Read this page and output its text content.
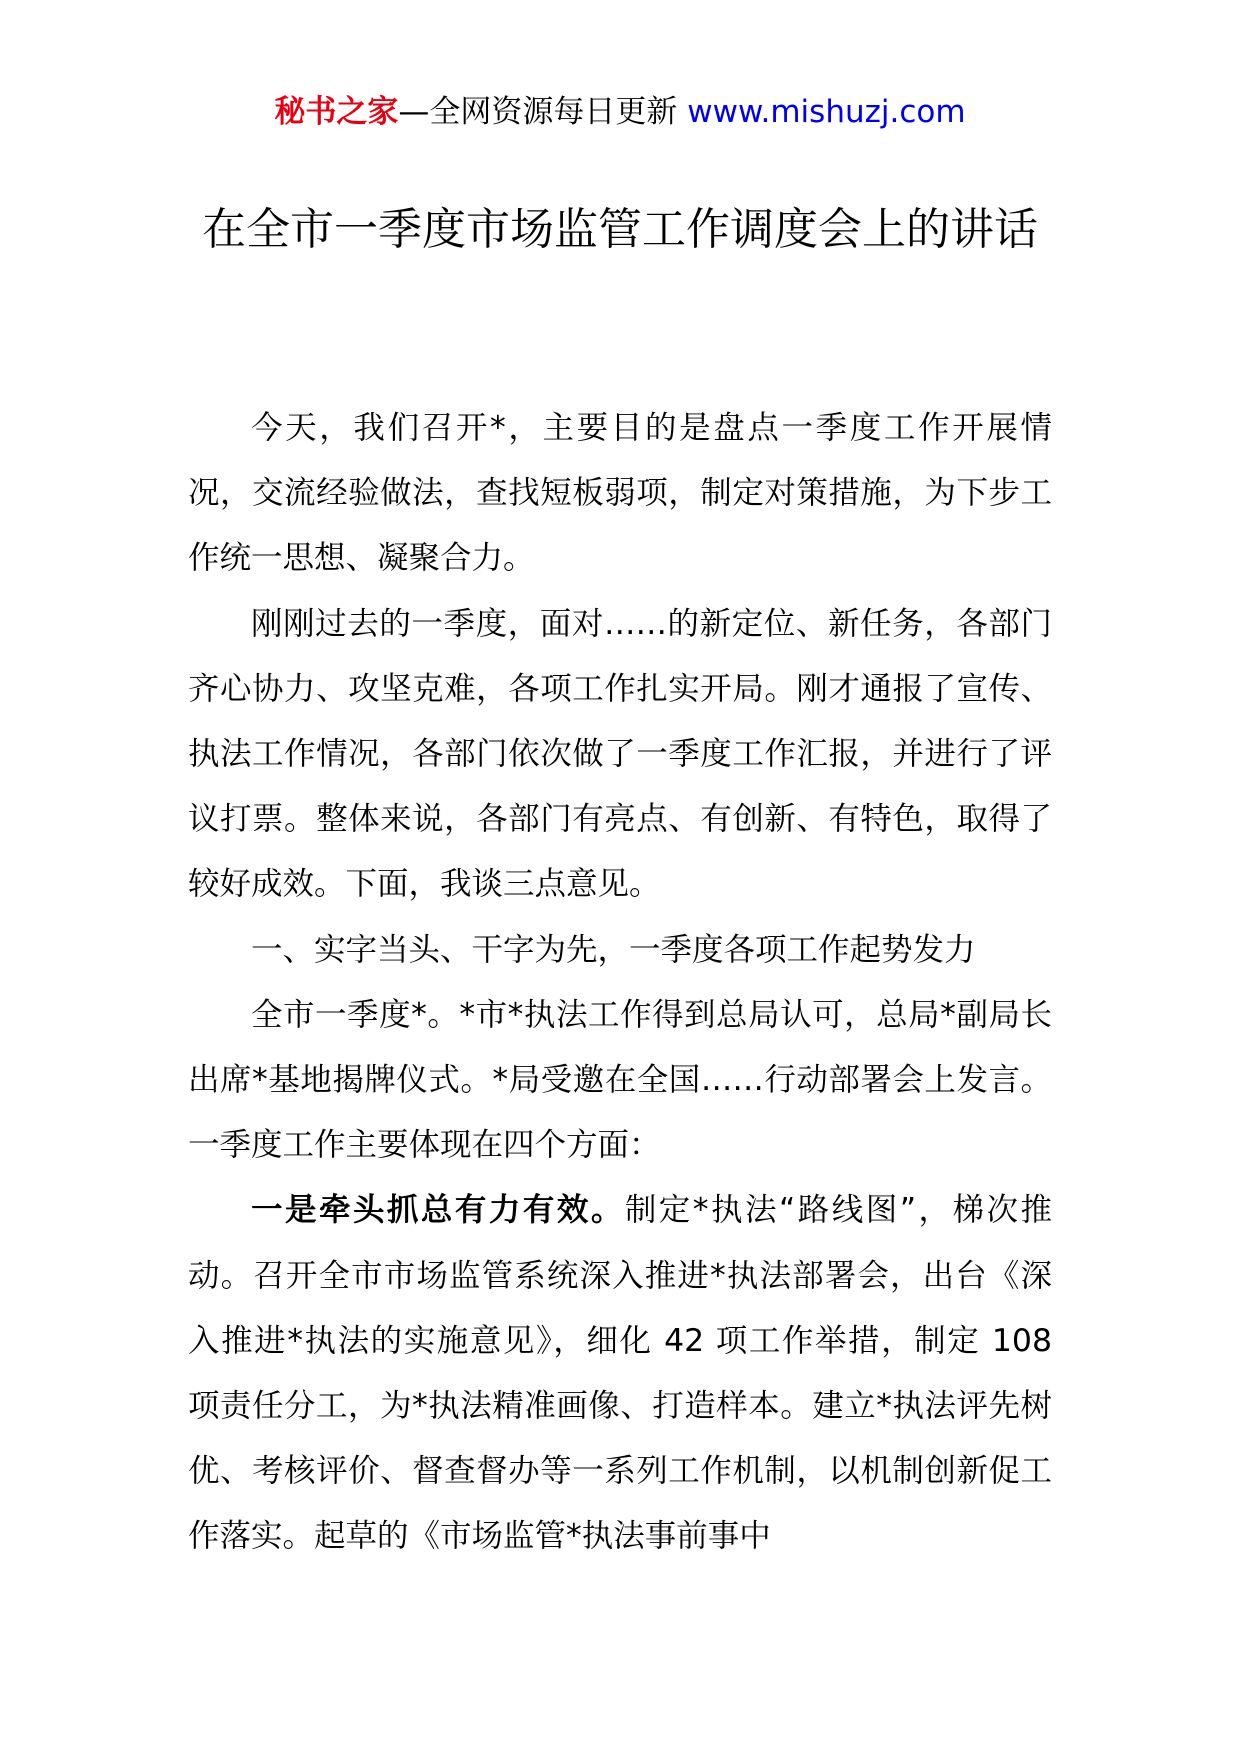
秘书之家—全网资源每日更新 www.mishuzj.com
在全市一季度市场监管工作调度会上的讲话

今天，我们召开*，主要目的是盘点一季度工作开展情况，交流经验做法，查找短板弱项，制定对策措施，为下步工作统一思想、凝聚合力。

刚刚过去的一季度，面对……的新定位、新任务，各部门齐心协力、攻坚克难，各项工作扎实开局。刚才通报了宣传、执法工作情况，各部门依次做了一季度工作汇报，并进行了评议打票。整体来说，各部门有亮点、有创新、有特色，取得了较好成效。下面，我谈三点意见。

一、实字当头、干字为先，一季度各项工作起势发力

全市一季度*。*市*执法工作得到总局认可，总局*副局长出席*基地揭牌仪式。*局受邀在全国……行动部署会上发言。一季度工作主要体现在四个方面：

一是牵头抓总有力有效。制定*执法“路线图”，梯次推动。召开全市市场监管系统深入推进*执法部署会，出台《深入推进*执法的实施意见》，细化 42 项工作举措，制定 108 项责任分工，为*执法精准画像、打造样本。建立*执法评先树优、考核评价、督查督办等一系列工作机制，以机制创新促工作落实。起草的《市场监管*执法事前事中
